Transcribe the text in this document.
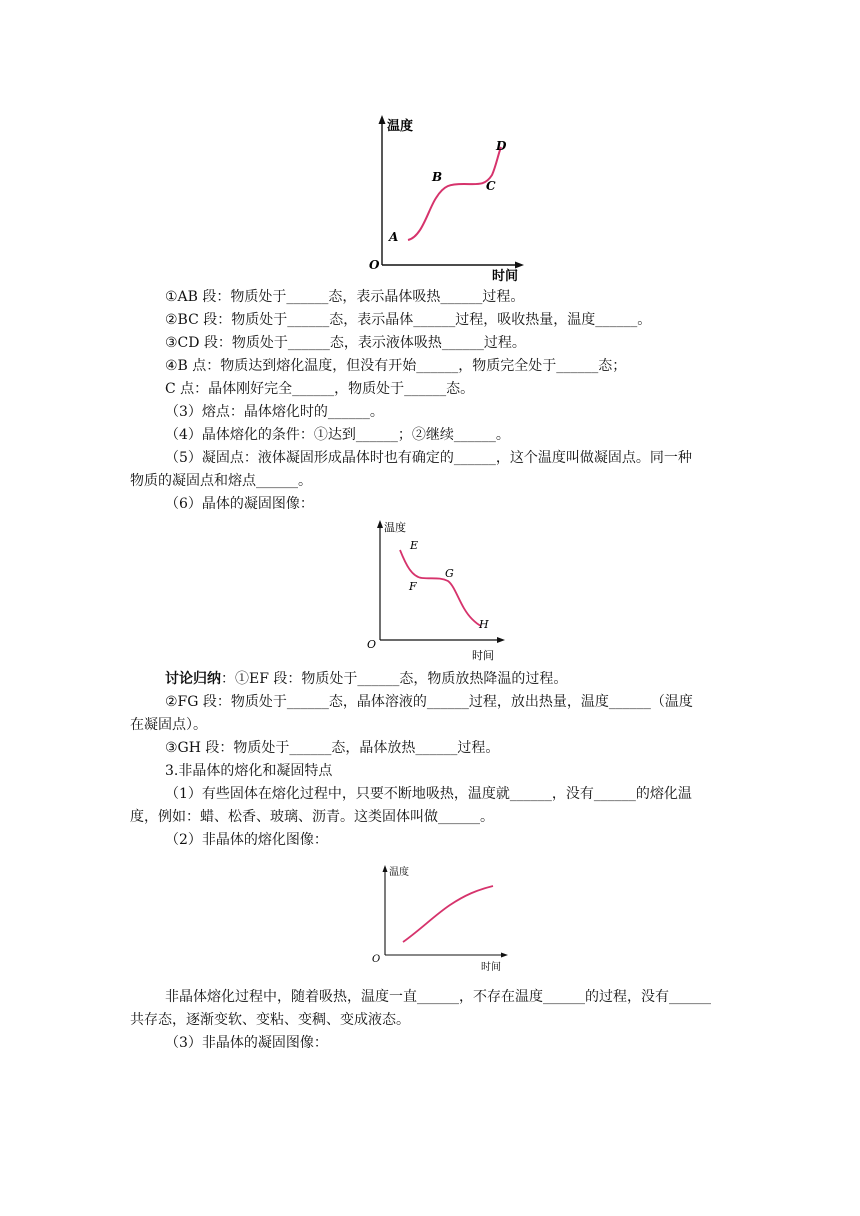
温度
时间
O
A
B
C
D
①AB 段：物质处于______态，表示晶体吸热______过程。
②BC 段：物质处于______态，表示晶体______过程，吸收热量，温度______。
③CD 段：物质处于______态，表示液体吸热______过程。
④B 点：物质达到熔化温度，但没有开始______，物质完全处于______态；
C 点：晶体刚好完全______，物质处于______态。
（3）熔点：晶体熔化时的______。
（4）晶体熔化的条件：①达到______；②继续______。
（5）凝固点：液体凝固形成晶体时也有确定的______，这个温度叫做凝固点。同一种
物质的凝固点和熔点______。
（6）晶体的凝固图像：
温度
时间
O
E
F
G
H
讨论归纳：①EF 段：物质处于______态，物质放热降温的过程。
②FG 段：物质处于______态，晶体溶液的______过程，放出热量，温度______（温度
在凝固点）。
③GH 段：物质处于______态，晶体放热______过程。
3.非晶体的熔化和凝固特点
（1）有些固体在熔化过程中，只要不断地吸热，温度就______，没有______的熔化温
度，例如：蜡、松香、玻璃、沥青。这类固体叫做______。
（2）非晶体的熔化图像：
温度
时间
O
非晶体熔化过程中，随着吸热，温度一直______，不存在温度______的过程，没有______
共存态，逐渐变软、变粘、变稠、变成液态。
（3）非晶体的凝固图像：
